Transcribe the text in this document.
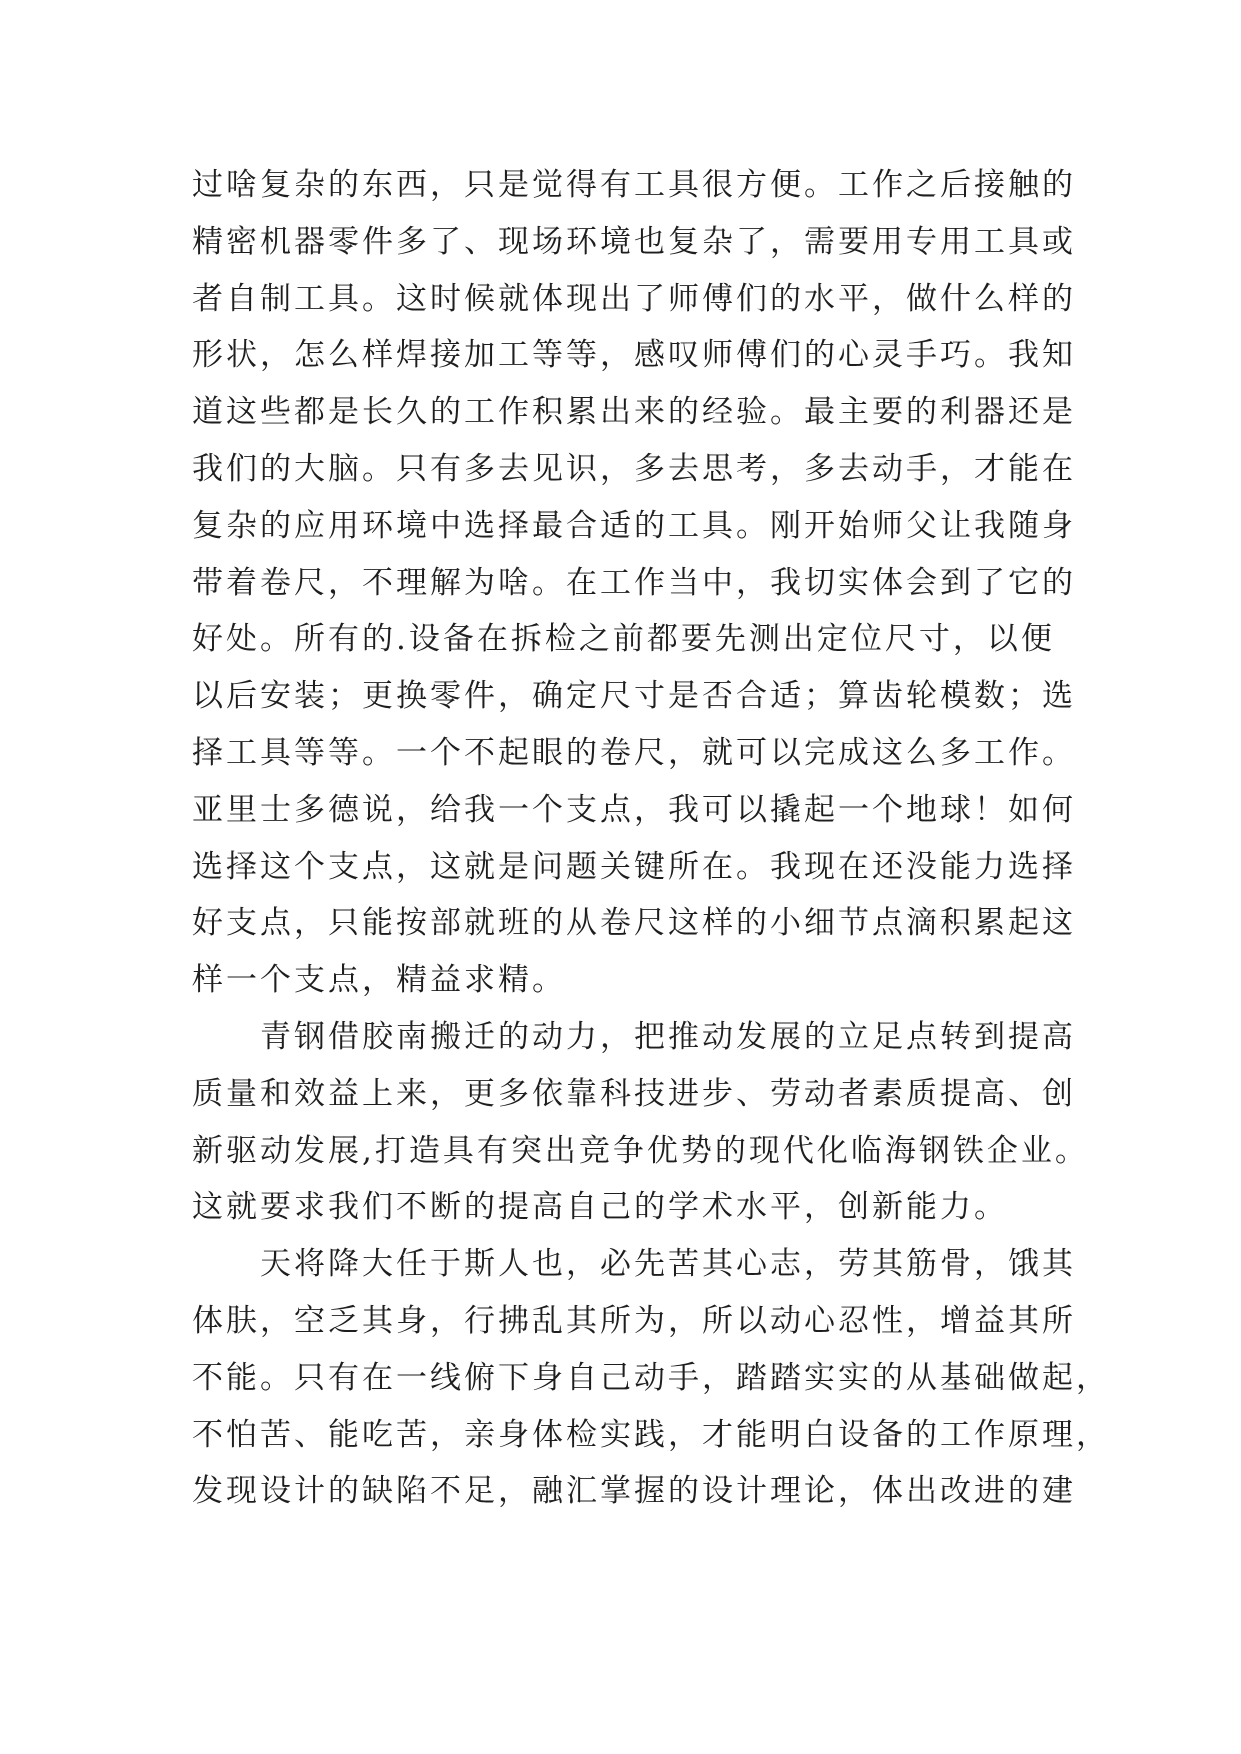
过啥复杂的东西，只是觉得有工具很方便。工作之后接触的
精密机器零件多了、现场环境也复杂了，需要用专用工具或
者自制工具。这时候就体现出了师傅们的水平，做什么样的
形状，怎么样焊接加工等等，感叹师傅们的心灵手巧。我知
道这些都是长久的工作积累出来的经验。最主要的利器还是
我们的大脑。只有多去见识，多去思考，多去动手，才能在
复杂的应用环境中选择最合适的工具。刚开始师父让我随身
带着卷尺，不理解为啥。在工作当中，我切实体会到了它的
好处。所有的.设备在拆检之前都要先测出定位尺寸，以便
以后安装；更换零件，确定尺寸是否合适；算齿轮模数；选
择工具等等。一个不起眼的卷尺，就可以完成这么多工作。
亚里士多德说，给我一个支点，我可以撬起一个地球！如何
选择这个支点，这就是问题关键所在。我现在还没能力选择
好支点，只能按部就班的从卷尺这样的小细节点滴积累起这
样一个支点，精益求精。
　　青钢借胶南搬迁的动力，把推动发展的立足点转到提高
质量和效益上来，更多依靠科技进步、劳动者素质提高、创
新驱动发展,打造具有突出竞争优势的现代化临海钢铁企业。
这就要求我们不断的提高自己的学术水平，创新能力。
　　天将降大任于斯人也，必先苦其心志，劳其筋骨，饿其
体肤，空乏其身，行拂乱其所为，所以动心忍性，增益其所
不能。只有在一线俯下身自己动手，踏踏实实的从基础做起，
不怕苦、能吃苦，亲身体检实践，才能明白设备的工作原理，
发现设计的缺陷不足，融汇掌握的设计理论，体出改进的建
